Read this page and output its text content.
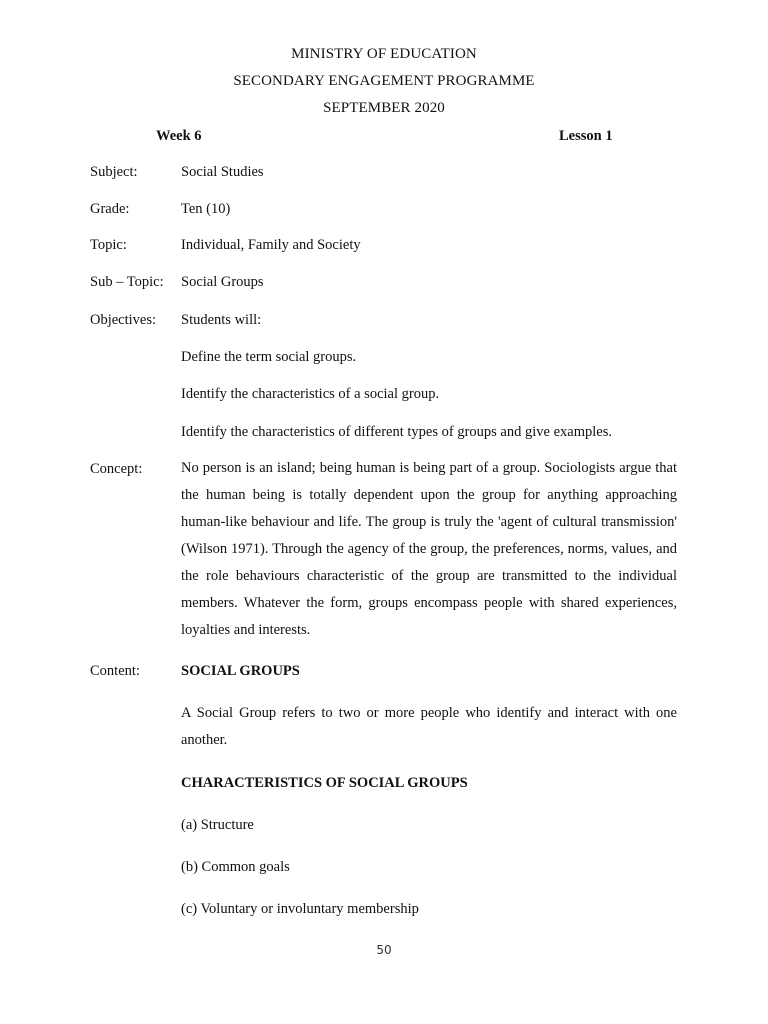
MINISTRY OF EDUCATION
SECONDARY ENGAGEMENT PROGRAMME
SEPTEMBER 2020
Week 6	Lesson 1
Subject:	Social Studies
Grade:	Ten (10)
Topic:	Individual, Family and Society
Sub – Topic: Social Groups
Objectives: Students will:
Define the term social groups.
Identify the characteristics of a social group.
Identify the characteristics of different types of groups and give examples.
Concept:	No person is an island; being human is being part of a group. Sociologists argue that the human being is totally dependent upon the group for anything approaching human-like behaviour and life. The group is truly the 'agent of cultural transmission' (Wilson 1971). Through the agency of the group, the preferences, norms, values, and the role behaviours characteristic of the group are transmitted to the individual members. Whatever the form, groups encompass people with shared experiences, loyalties and interests.
Content:	SOCIAL GROUPS
A Social Group refers to two or more people who identify and interact with one another.
CHARACTERISTICS OF SOCIAL GROUPS
(a) Structure
(b) Common goals
(c) Voluntary or involuntary membership
50
